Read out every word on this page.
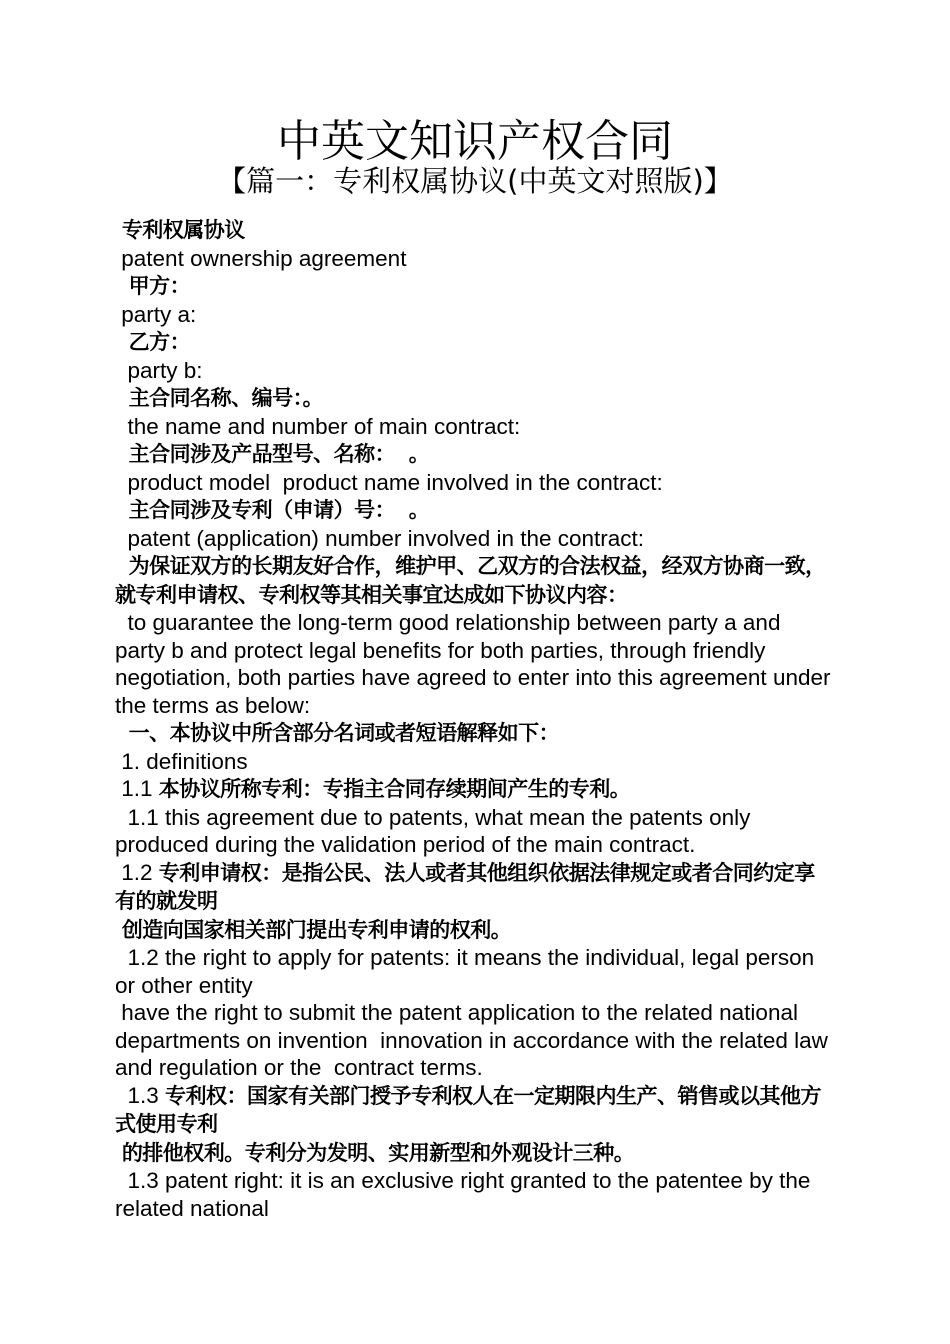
中英文知识产权合同
【篇一：专利权属协议(中英文对照版)】

专利权属协议

patent ownership agreement

甲方：

party a:

乙方：

party b:

主合同名称、编号：。

the name and number of main contract:

主合同涉及产品型号、名称：  。

product model  product name involved in the contract:

主合同涉及专利（申请）号：  。

patent (application) number involved in the contract:

为保证双方的长期友好合作，维护甲、乙双方的合法权益，经双方协商一致，就专利申请权、专利权等其相关事宜达成如下协议内容：

to guarantee the long-term good relationship between party a and party b and protect legal benefits for both parties, through friendly negotiation, both parties have agreed to enter into this agreement under the terms as below:

一、本协议中所含部分名词或者短语解释如下：

1. definitions

1.1 本协议所称专利：专指主合同存续期间产生的专利。

1.1 this agreement due to patents, what mean the patents only produced during the validation period of the main contract.

1.2 专利申请权：是指公民、法人或者其他组织依据法律规定或者合同约定享有的就发明

创造向国家相关部门提出专利申请的权利。

1.2 the right to apply for patents: it means the individual, legal person or other entity

have the right to submit the patent application to the related national departments on invention  innovation in accordance with the related law and regulation or the  contract terms.

1.3 专利权：国家有关部门授予专利权人在一定期限内生产、销售或以其他方式使用专利

的排他权利。专利分为发明、实用新型和外观设计三种。

1.3 patent right: it is an exclusive right granted to the patentee by the related national
